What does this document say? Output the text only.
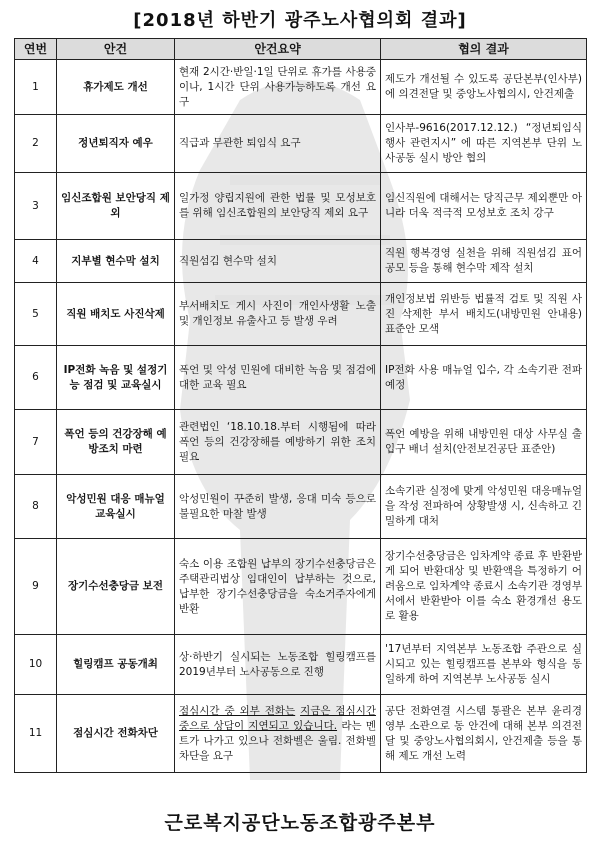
[2018년 하반기 광주노사협의회 결과]
연번	안건	안건요약	협의 결과
1	휴가제도 개선	현재 2시간·반일·1일 단위로 휴가를 사용중이나, 1시간 단위 사용가능하도록 개선 요구	제도가 개선될 수 있도록 공단본부(인사부)에 의견전달 및 중앙노사협의시, 안건제출
2	정년퇴직자 예우	직급과 무관한 퇴임식 요구	인사부-9616(2017.12.12.) “정년퇴임식 행사 관련지시” 에 따른 지역본부 단위 노사공동 실시 방안 협의
3	임신조합원 보안당직 제외	일가정 양립지원에 관한 법률 및 모성보호를 위해 임신조합원의 보안당직 제외 요구	임신직원에 대해서는 당직근무 제외뿐만 아니라 더욱 적극적 모성보호 조치 강구
4	지부별 현수막 설치	직원섬김 현수막 설치	직원 행복경영 실천을 위해 직원섬김 표어공모 등을 통해 현수막 제작 설치
5	직원 배치도 사진삭제	부서배치도 게시 사진이 개인사생활 노출 및 개인정보 유출사고 등 발생 우려	개인정보법 위반등 법률적 검토 및 직원 사진 삭제한 부서 배치도(내방민원 안내용) 표준안 모색
6	IP전화 녹음 및 설정기능 점검 및 교육실시	폭언 및 악성 민원에 대비한 녹음 및 점검에 대한 교육 필요	IP전화 사용 매뉴얼 입수, 각 소속기관 전파예정
7	폭언 등의 건강장해 예방조치 마련	관련법인 ‘18.10.18.부터 시행됨에 따라 폭언 등의 건강장해를 예방하기 위한 조치 필요	폭언 예방을 위해 내방민원 대상 사무실 출입구 배너 설치(안전보건공단 표준안)
8	악성민원 대응 매뉴얼 교육실시	악성민원이 꾸준히 발생, 응대 미숙 등으로 불필요한 마찰 발생	소속기관 실정에 맞게 악성민원 대응매뉴얼을 작성 전파하여 상황발생 시, 신속하고 긴밀하게 대처
9	장기수선충당금 보전	숙소 이용 조합원 납부의 장기수선충당금은 주택관리법상 임대인이 납부하는 것으로, 납부한 장기수선충당금을 숙소거주자에게 반환	장기수선충당금은 임차계약 종료 후 반환받게 되어 반환대상 및 반환액을 특정하기 어려움으로 임차계약 종료시 소속기관 경영부서에서 반환받아 이를 숙소 환경개선 용도로 활용
10	힐링캠프 공동개최	상·하반기 실시되는 노동조합 힐링캠프를 2019년부터 노사공동으로 진행	'17년부터 지역본부 노동조합 주관으로 실시되고 있는 힐링캠프를 본부와 형식을 동일하게 하여 지역본부 노사공동 실시
11	점심시간 전화차단	점심시간 중 외부 전화는 지금은 점심시간 중으로 상담이 지연되고 있습니다. 라는 멘트가 나가고 있으나 전화벨은 울림. 전화벨 차단을 요구	공단 전화연결 시스템 통괄은 본부 윤리경영부 소관으로 동 안건에 대해 본부 의견전달 및 중앙노사협의회시, 안건제출 등을 통해 제도 개선 노력
근로복지공단노동조합광주본부
